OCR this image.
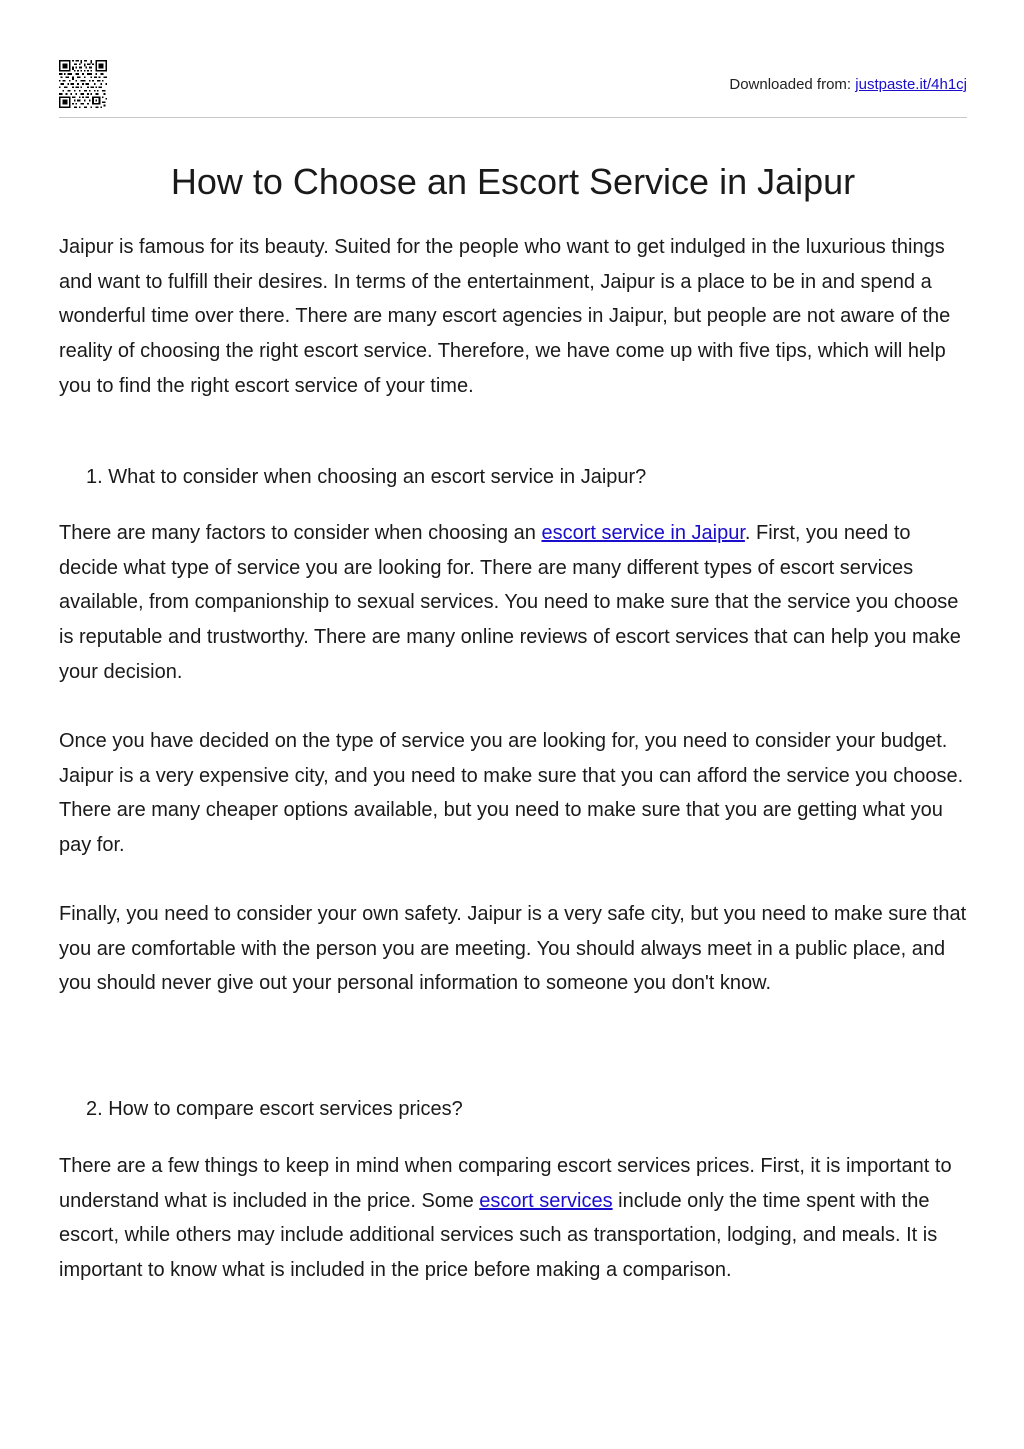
Downloaded from: justpaste.it/4h1cj
How to Choose an Escort Service in Jaipur

Jaipur is famous for its beauty. Suited for the people who want to get indulged in the luxurious things and want to fulfill their desires. In terms of the entertainment, Jaipur is a place to be in and spend a wonderful time over there. There are many escort agencies in Jaipur, but people are not aware of the reality of choosing the right escort service. Therefore, we have come up with five tips, which will help you to find the right escort service of your time.

1. What to consider when choosing an escort service in Jaipur?

There are many factors to consider when choosing an escort service in Jaipur. First, you need to decide what type of service you are looking for. There are many different types of escort services available, from companionship to sexual services. You need to make sure that the service you choose is reputable and trustworthy. There are many online reviews of escort services that can help you make your decision.

Once you have decided on the type of service you are looking for, you need to consider your budget. Jaipur is a very expensive city, and you need to make sure that you can afford the service you choose. There are many cheaper options available, but you need to make sure that you are getting what you pay for.

Finally, you need to consider your own safety. Jaipur is a very safe city, but you need to make sure that you are comfortable with the person you are meeting. You should always meet in a public place, and you should never give out your personal information to someone you don't know.

2. How to compare escort services prices?

There are a few things to keep in mind when comparing escort services prices. First, it is important to understand what is included in the price. Some escort services include only the time spent with the escort, while others may include additional services such as transportation, lodging, and meals. It is important to know what is included in the price before making a comparison.
